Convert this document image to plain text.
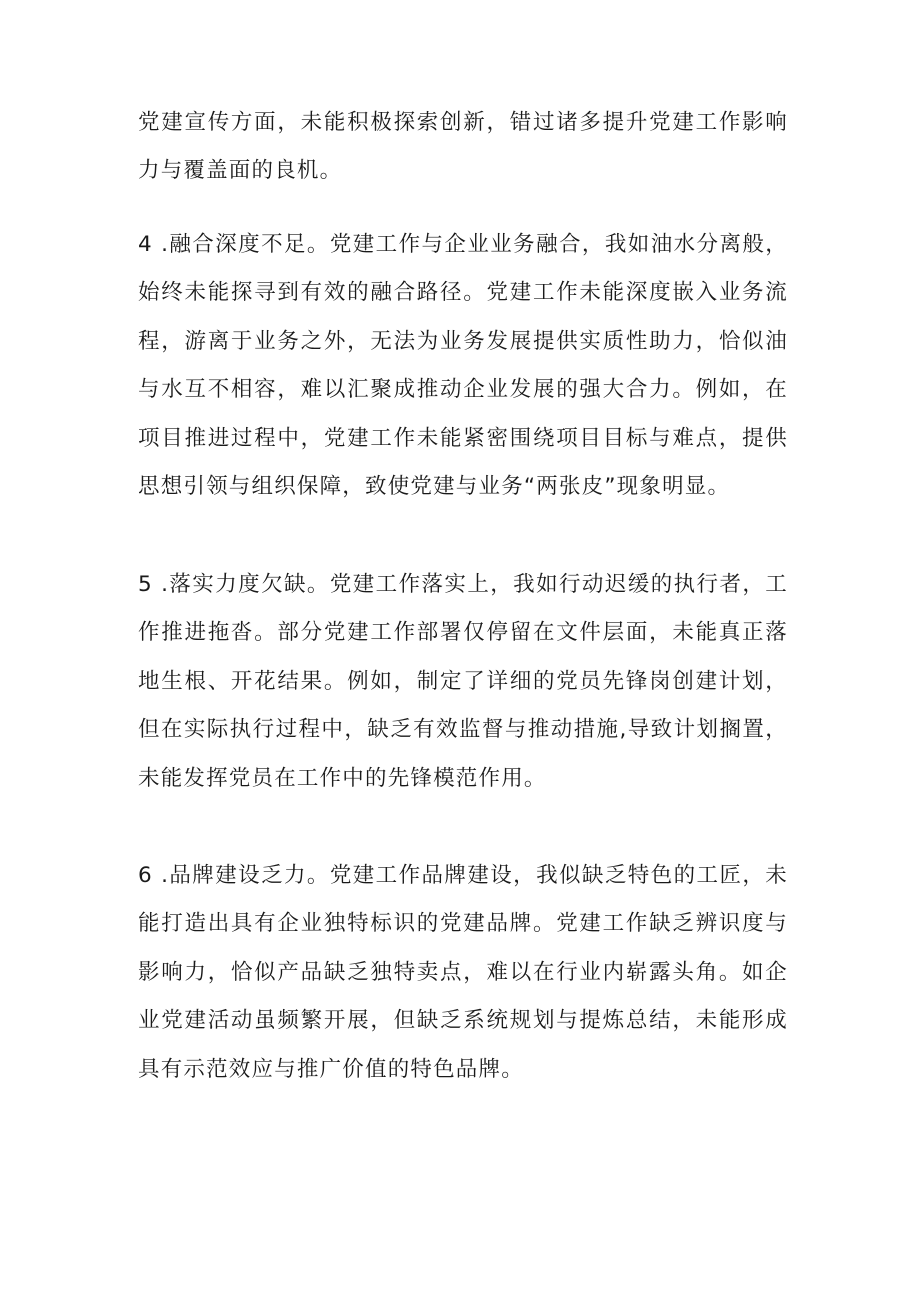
党建宣传方面，未能积极探索创新，错过诸多提升党建工作影响力与覆盖面的良机。

4 .融合深度不足。党建工作与企业业务融合，我如油水分离般，始终未能探寻到有效的融合路径。党建工作未能深度嵌入业务流程，游离于业务之外，无法为业务发展提供实质性助力，恰似油与水互不相容，难以汇聚成推动企业发展的强大合力。例如，在项目推进过程中，党建工作未能紧密围绕项目目标与难点，提供思想引领与组织保障，致使党建与业务“两张皮”现象明显。

5 .落实力度欠缺。党建工作落实上，我如行动迟缓的执行者，工作推进拖沓。部分党建工作部署仅停留在文件层面，未能真正落地生根、开花结果。例如，制定了详细的党员先锋岗创建计划，但在实际执行过程中，缺乏有效监督与推动措施,导致计划搁置，未能发挥党员在工作中的先锋模范作用。

6 .品牌建设乏力。党建工作品牌建设，我似缺乏特色的工匠，未能打造出具有企业独特标识的党建品牌。党建工作缺乏辨识度与影响力，恰似产品缺乏独特卖点，难以在行业内崭露头角。如企业党建活动虽频繁开展，但缺乏系统规划与提炼总结，未能形成具有示范效应与推广价值的特色品牌。
